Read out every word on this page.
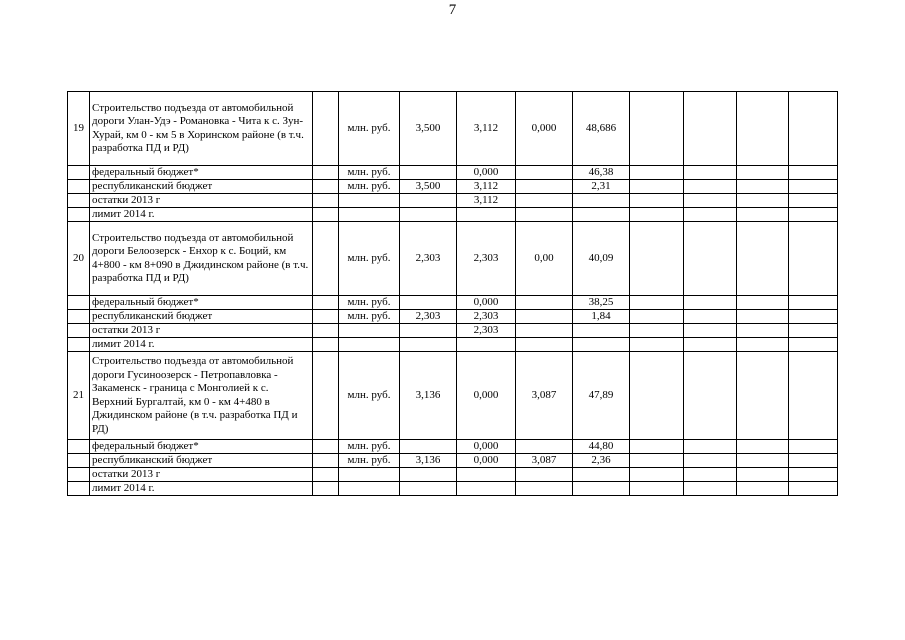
7
19	Строительство подъезда от автомобильной дороги Улан-Удэ - Романовка - Чита к с. Зун-Хурай, км 0 - км 5 в Хоринском районе (в т.ч. разработка ПД и РД)		млн. руб.	3,500	3,112	0,000	48,686				
	федеральный бюджет*		млн. руб.		0,000		46,38				
	республиканский бюджет		млн. руб.	3,500	3,112		2,31				
	остатки 2013 г				3,112						
	лимит 2014 г.										
20	Строительство подъезда от автомобильной дороги Белоозерск - Енхор к с. Боций, км 4+800 - км 8+090 в Джидинском районе (в т.ч. разработка ПД и РД)		млн. руб.	2,303	2,303	0,00	40,09				
	федеральный бюджет*		млн. руб.		0,000		38,25				
	республиканский бюджет		млн. руб.	2,303	2,303		1,84				
	остатки 2013 г				2,303						
	лимит 2014 г.										
21	Строительство подъезда от автомобильной дороги Гусиноозерск - Петропавловка - Закаменск - граница с Монголией к с. Верхний Бургалтай, км 0 - км 4+480 в Джидинском районе (в т.ч. разработка ПД и РД)		млн. руб.	3,136	0,000	3,087	47,89				
	федеральный бюджет*		млн. руб.		0,000		44,80				
	республиканский бюджет		млн. руб.	3,136	0,000	3,087	2,36				
	остатки 2013 г										
	лимит 2014 г.										
